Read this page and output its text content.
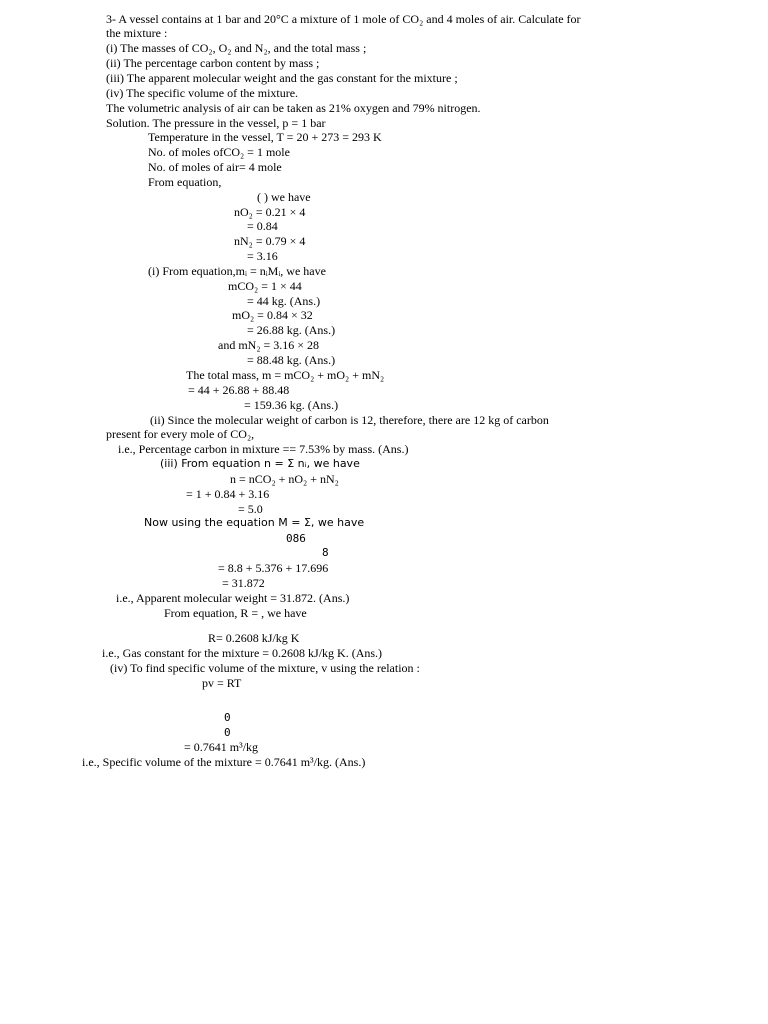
3- A vessel contains at 1 bar and 20°C a mixture of 1 mole of CO₂ and 4 moles of air. Calculate for
the mixture :
(i) The masses of CO₂, O₂ and N₂, and the total mass ;
(ii) The percentage carbon content by mass ;
(iii) The apparent molecular weight and the gas constant for the mixture ;
(iv) The specific volume of the mixture.
The volumetric analysis of air can be taken as 21% oxygen and 79% nitrogen.
Solution. The pressure in the vessel, p = 1 bar
Temperature in the vessel, T = 20 + 273 = 293 K
No. of moles ofCO₂ = 1 mole
No. of moles of air= 4 mole
From equation,
( ) we have
nO₂ = 0.21 × 4
= 0.84
nN₂ = 0.79 × 4
= 3.16
(i) From equation,mᵢ = nᵢMᵢ, we have
mCO₂ = 1 × 44
= 44 kg. (Ans.)
mO₂ = 0.84 × 32
= 26.88 kg. (Ans.)
and mN₂ = 3.16 × 28
= 88.48 kg. (Ans.)
The total mass, m = mCO₂ + mO₂ + mN₂
= 44 + 26.88 + 88.48
= 159.36 kg. (Ans.)
(ii) Since the molecular weight of carbon is 12, therefore, there are 12 kg of carbon
present for every mole of CO₂,
i.e., Percentage carbon in mixture == 7.53% by mass. (Ans.)
(iii) From equation n = Σ nᵢ, we have
n = nCO₂ + nO₂ + nN₂
= 1 + 0.84 + 3.16
= 5.0
Now using the equation M = Σ, we have
086
8
= 8.8 + 5.376 + 17.696
= 31.872
i.e., Apparent molecular weight = 31.872. (Ans.)
From equation, R = , we have
R= 0.2608 kJ/kg K
i.e., Gas constant for the mixture = 0.2608 kJ/kg K. (Ans.)
(iv) To find specific volume of the mixture, v using the relation :
pv = RT
0
0
= 0.7641 m³/kg
i.e., Specific volume of the mixture = 0.7641 m³/kg. (Ans.)
